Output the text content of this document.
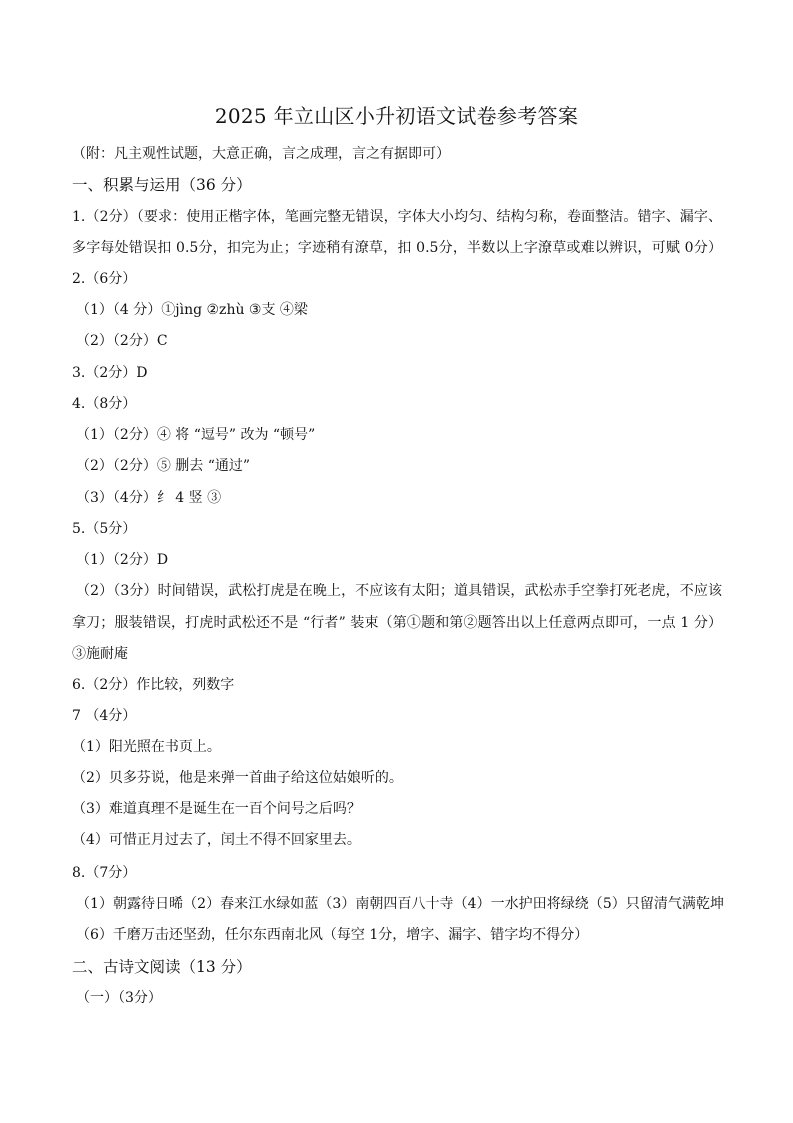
2025 年立山区小升初语文试卷参考答案
（附：凡主观性试题，大意正确，言之成理，言之有据即可）
一、积累与运用（36 分）
1.（2分）（要求：使用正楷字体，笔画完整无错误，字体大小均匀、结构匀称，卷面整洁。错字、漏字、
多字每处错误扣 0.5分，扣完为止；字迹稍有潦草，扣 0.5分，半数以上字潦草或难以辨识，可赋 0分）
2.（6分）
（1）（4 分）①jìng ②zhù ③支 ④梁
（2）（2分）C
3.（2分）D
4.（8分）
（1）（2分）④ 将 “逗号” 改为 “顿号”
（2）（2分）⑤ 删去 “通过”
（3）（4分）纟 4 竖 ③
5.（5分）
（1）（2分）D
（2）（3分）时间错误，武松打虎是在晚上，不应该有太阳；道具错误，武松赤手空拳打死老虎，不应该
拿刀；服装错误，打虎时武松还不是 “行者” 装束（第①题和第②题答出以上任意两点即可，一点 1 分）
③施耐庵
6.（2分）作比较，列数字
7 （4分）
（1）阳光照在书页上。
（2）贝多芬说，他是来弹一首曲子给这位姑娘听的。
（3）难道真理不是诞生在一百个问号之后吗？
（4）可惜正月过去了，闰土不得不回家里去。
8.（7分）
（1）朝露待日晞（2）春来江水绿如蓝（3）南朝四百八十寺（4）一水护田将绿绕（5）只留清气满乾坤
（6）千磨万击还坚劲，任尔东西南北风（每空 1分，增字、漏字、错字均不得分）
二、古诗文阅读（13 分）
（一）（3分）
